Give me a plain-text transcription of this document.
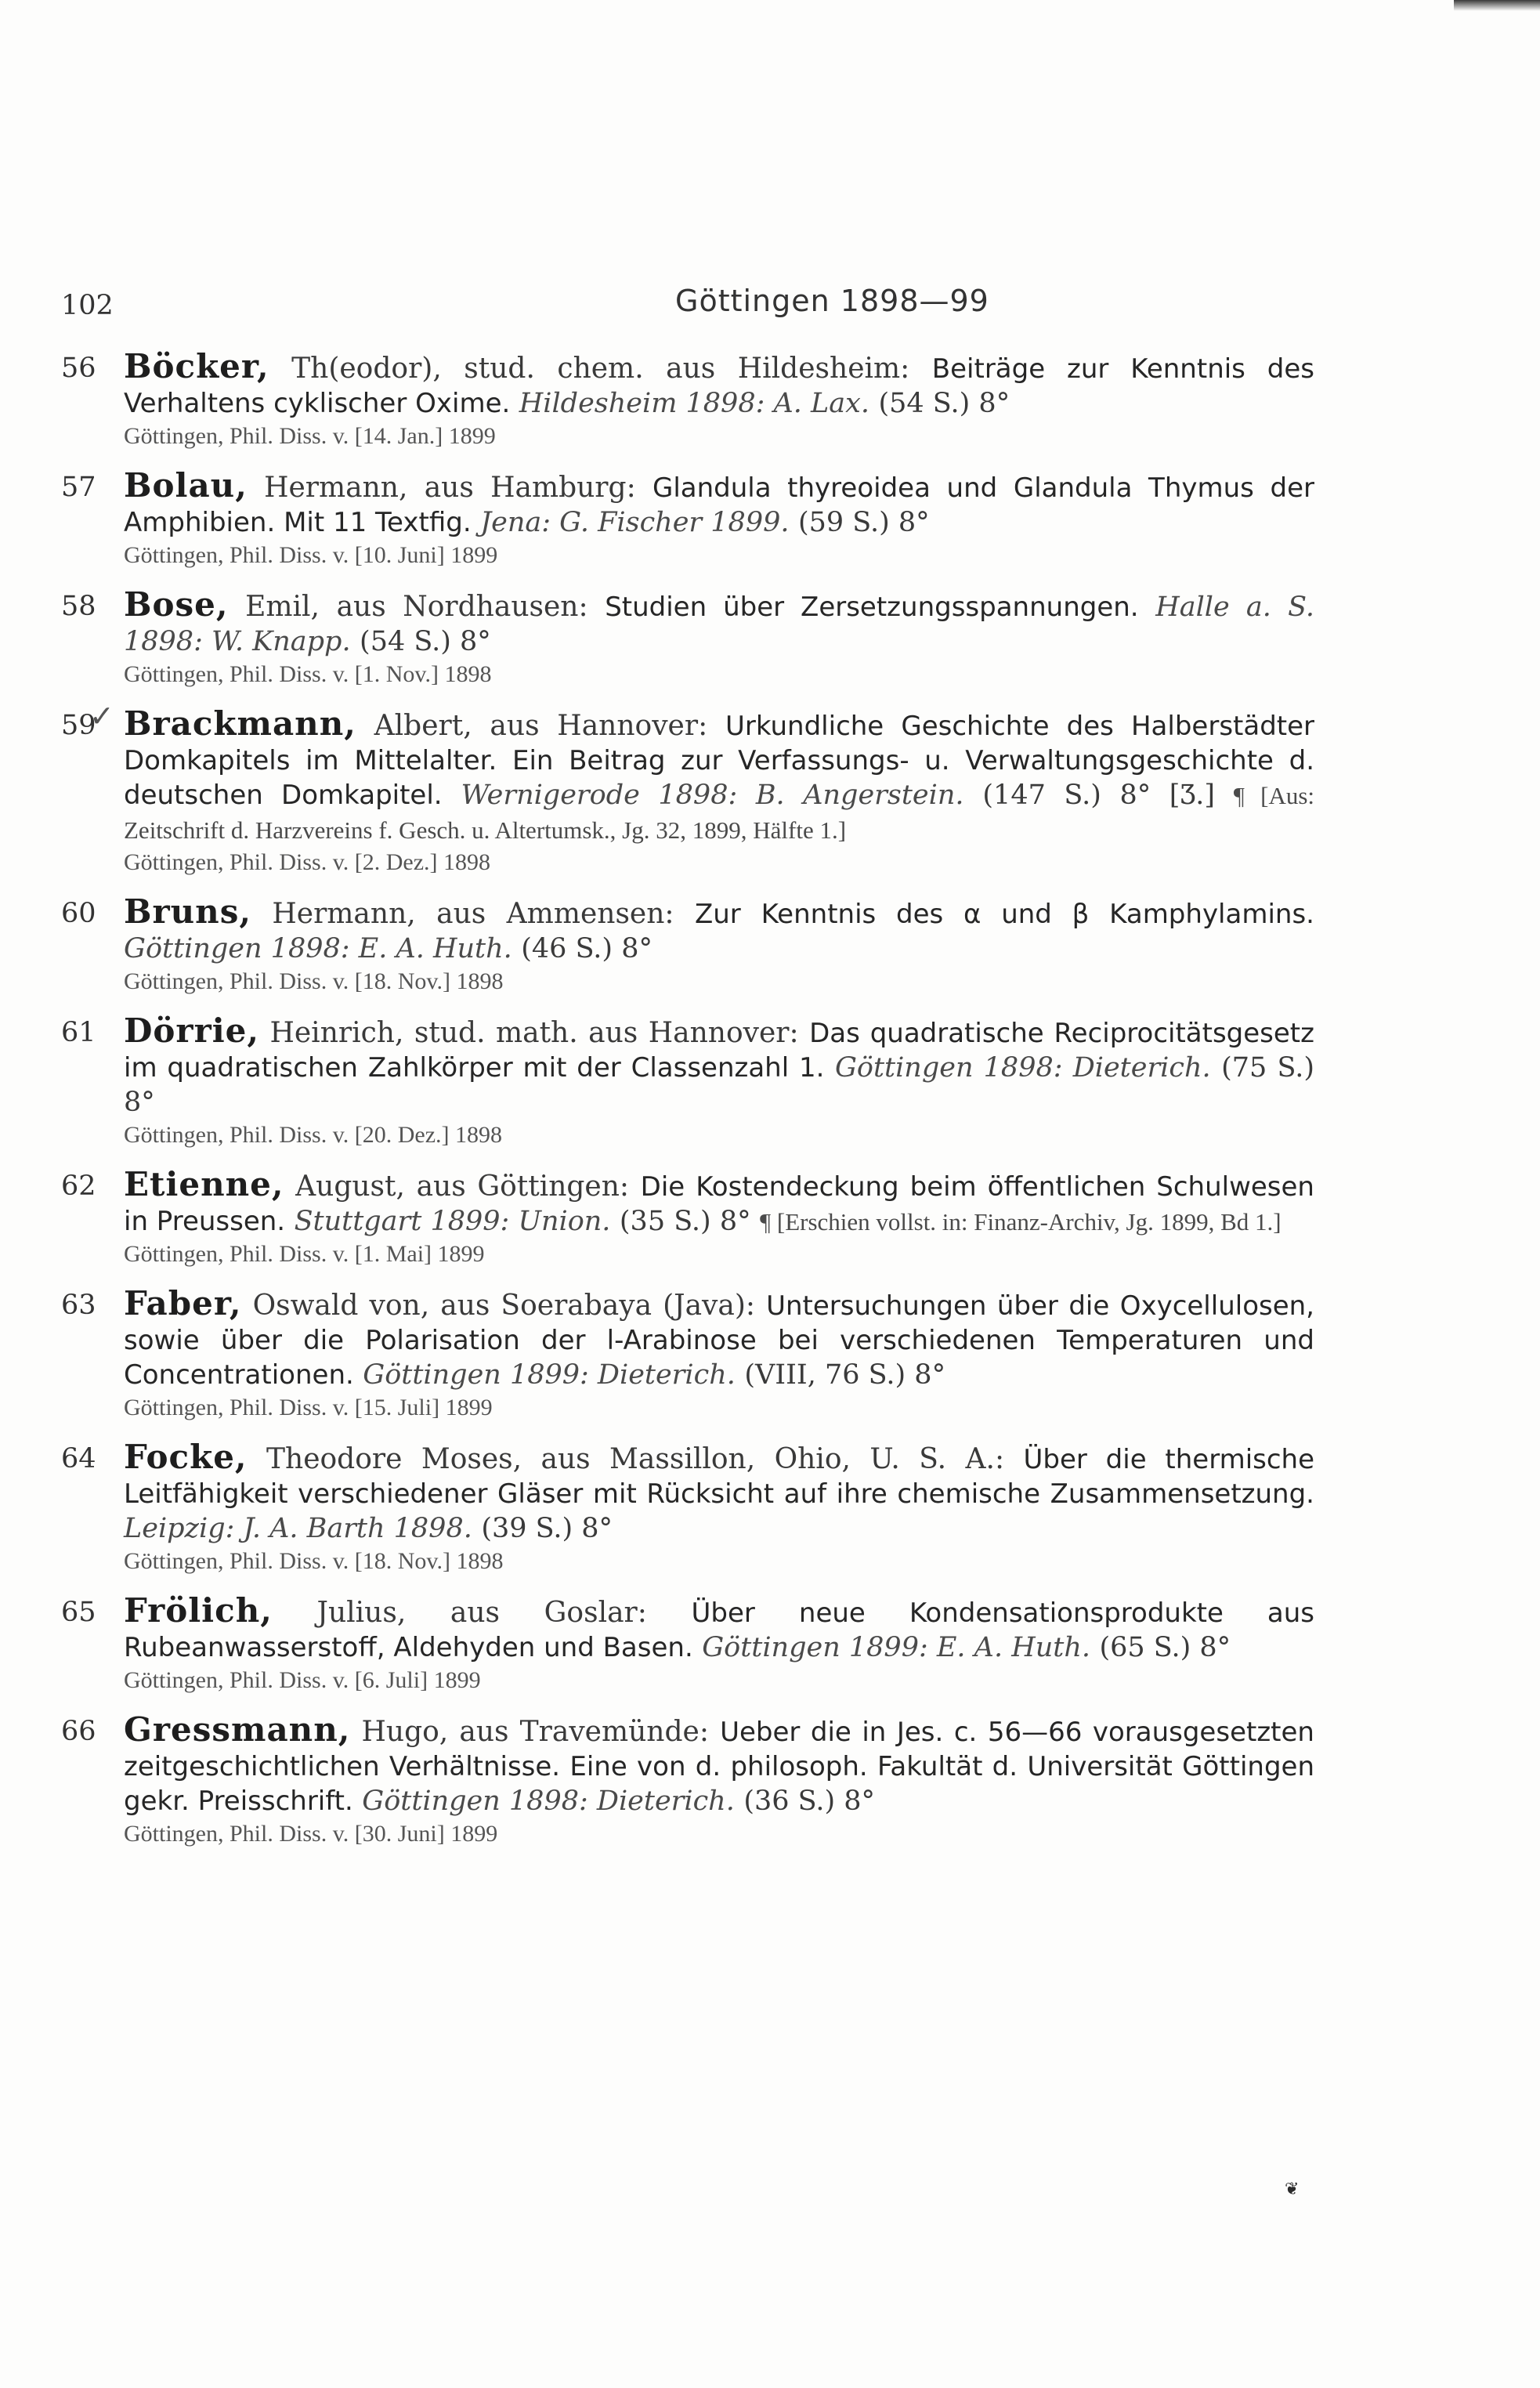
102	Göttingen 1898—99
56 Böcker, Th(eodor), stud. chem. aus Hildesheim: Beiträge zur Kenntnis des Verhaltens cyklischer Oxime. Hildesheim 1898: A. Lax. (54 S.) 8°
Göttingen, Phil. Diss. v. [14. Jan.] 1899
57 Bolau, Hermann, aus Hamburg: Glandula thyreoidea und Glandula Thymus der Amphibien. Mit 11 Textfig. Jena: G. Fischer 1899. (59 S.) 8°
Göttingen, Phil. Diss. v. [10. Juni] 1899
58 Bose, Emil, aus Nordhausen: Studien über Zersetzungsspannungen. Halle a. S. 1898: W. Knapp. (54 S.) 8°
Göttingen, Phil. Diss. v. [1. Nov.] 1898
59
✓ Brackmann, Albert, aus Hannover: Urkundliche Geschichte des Halberstädter Domkapitels im Mittelalter. Ein Beitrag zur Verfassungs- u. Verwaltungsgeschichte d. deutschen Domkapitel. Wernigerode 1898: B. Angerstein. (147 S.) 8° [Ʒ.] ¶ [Aus: Zeitschrift d. Harzvereins f. Gesch. u. Altertumsk., Jg. 32, 1899, Hälfte 1.]
Göttingen, Phil. Diss. v. [2. Dez.] 1898
60 Bruns, Hermann, aus Ammensen: Zur Kenntnis des α und β Kamphylamins. Göttingen 1898: E. A. Huth. (46 S.) 8°
Göttingen, Phil. Diss. v. [18. Nov.] 1898
61 Dörrie, Heinrich, stud. math. aus Hannover: Das quadratische Reciprocitätsgesetz im quadratischen Zahlkörper mit der Classenzahl 1. Göttingen 1898: Dieterich. (75 S.) 8°
Göttingen, Phil. Diss. v. [20. Dez.] 1898
62 Etienne, August, aus Göttingen: Die Kostendeckung beim öffentlichen Schulwesen in Preussen. Stuttgart 1899: Union. (35 S.) 8° ¶ [Erschien vollst. in: Finanz-Archiv, Jg. 1899, Bd 1.]
Göttingen, Phil. Diss. v. [1. Mai] 1899
63 Faber, Oswald von, aus Soerabaya (Java): Untersuchungen über die Oxycellulosen, sowie über die Polarisation der l-Arabinose bei verschiedenen Temperaturen und Concentrationen. Göttingen 1899: Dieterich. (VIII, 76 S.) 8°
Göttingen, Phil. Diss. v. [15. Juli] 1899
64 Focke, Theodore Moses, aus Massillon, Ohio, U. S. A.: Über die thermische Leitfähigkeit verschiedener Gläser mit Rücksicht auf ihre chemische Zusammensetzung. Leipzig: J. A. Barth 1898. (39 S.) 8°
Göttingen, Phil. Diss. v. [18. Nov.] 1898
65 Frölich, Julius, aus Goslar: Über neue Kondensationsprodukte aus Rubeanwasserstoff, Aldehyden und Basen. Göttingen 1899: E. A. Huth. (65 S.) 8°
Göttingen, Phil. Diss. v. [6. Juli] 1899
66 Gressmann, Hugo, aus Travemünde: Ueber die in Jes. c. 56—66 vorausgesetzten zeitgeschichtlichen Verhältnisse. Eine von d. philosoph. Fakultät d. Universität Göttingen gekr. Preisschrift. Göttingen 1898: Dieterich. (36 S.) 8°
Göttingen, Phil. Diss. v. [30. Juni] 1899
❦
